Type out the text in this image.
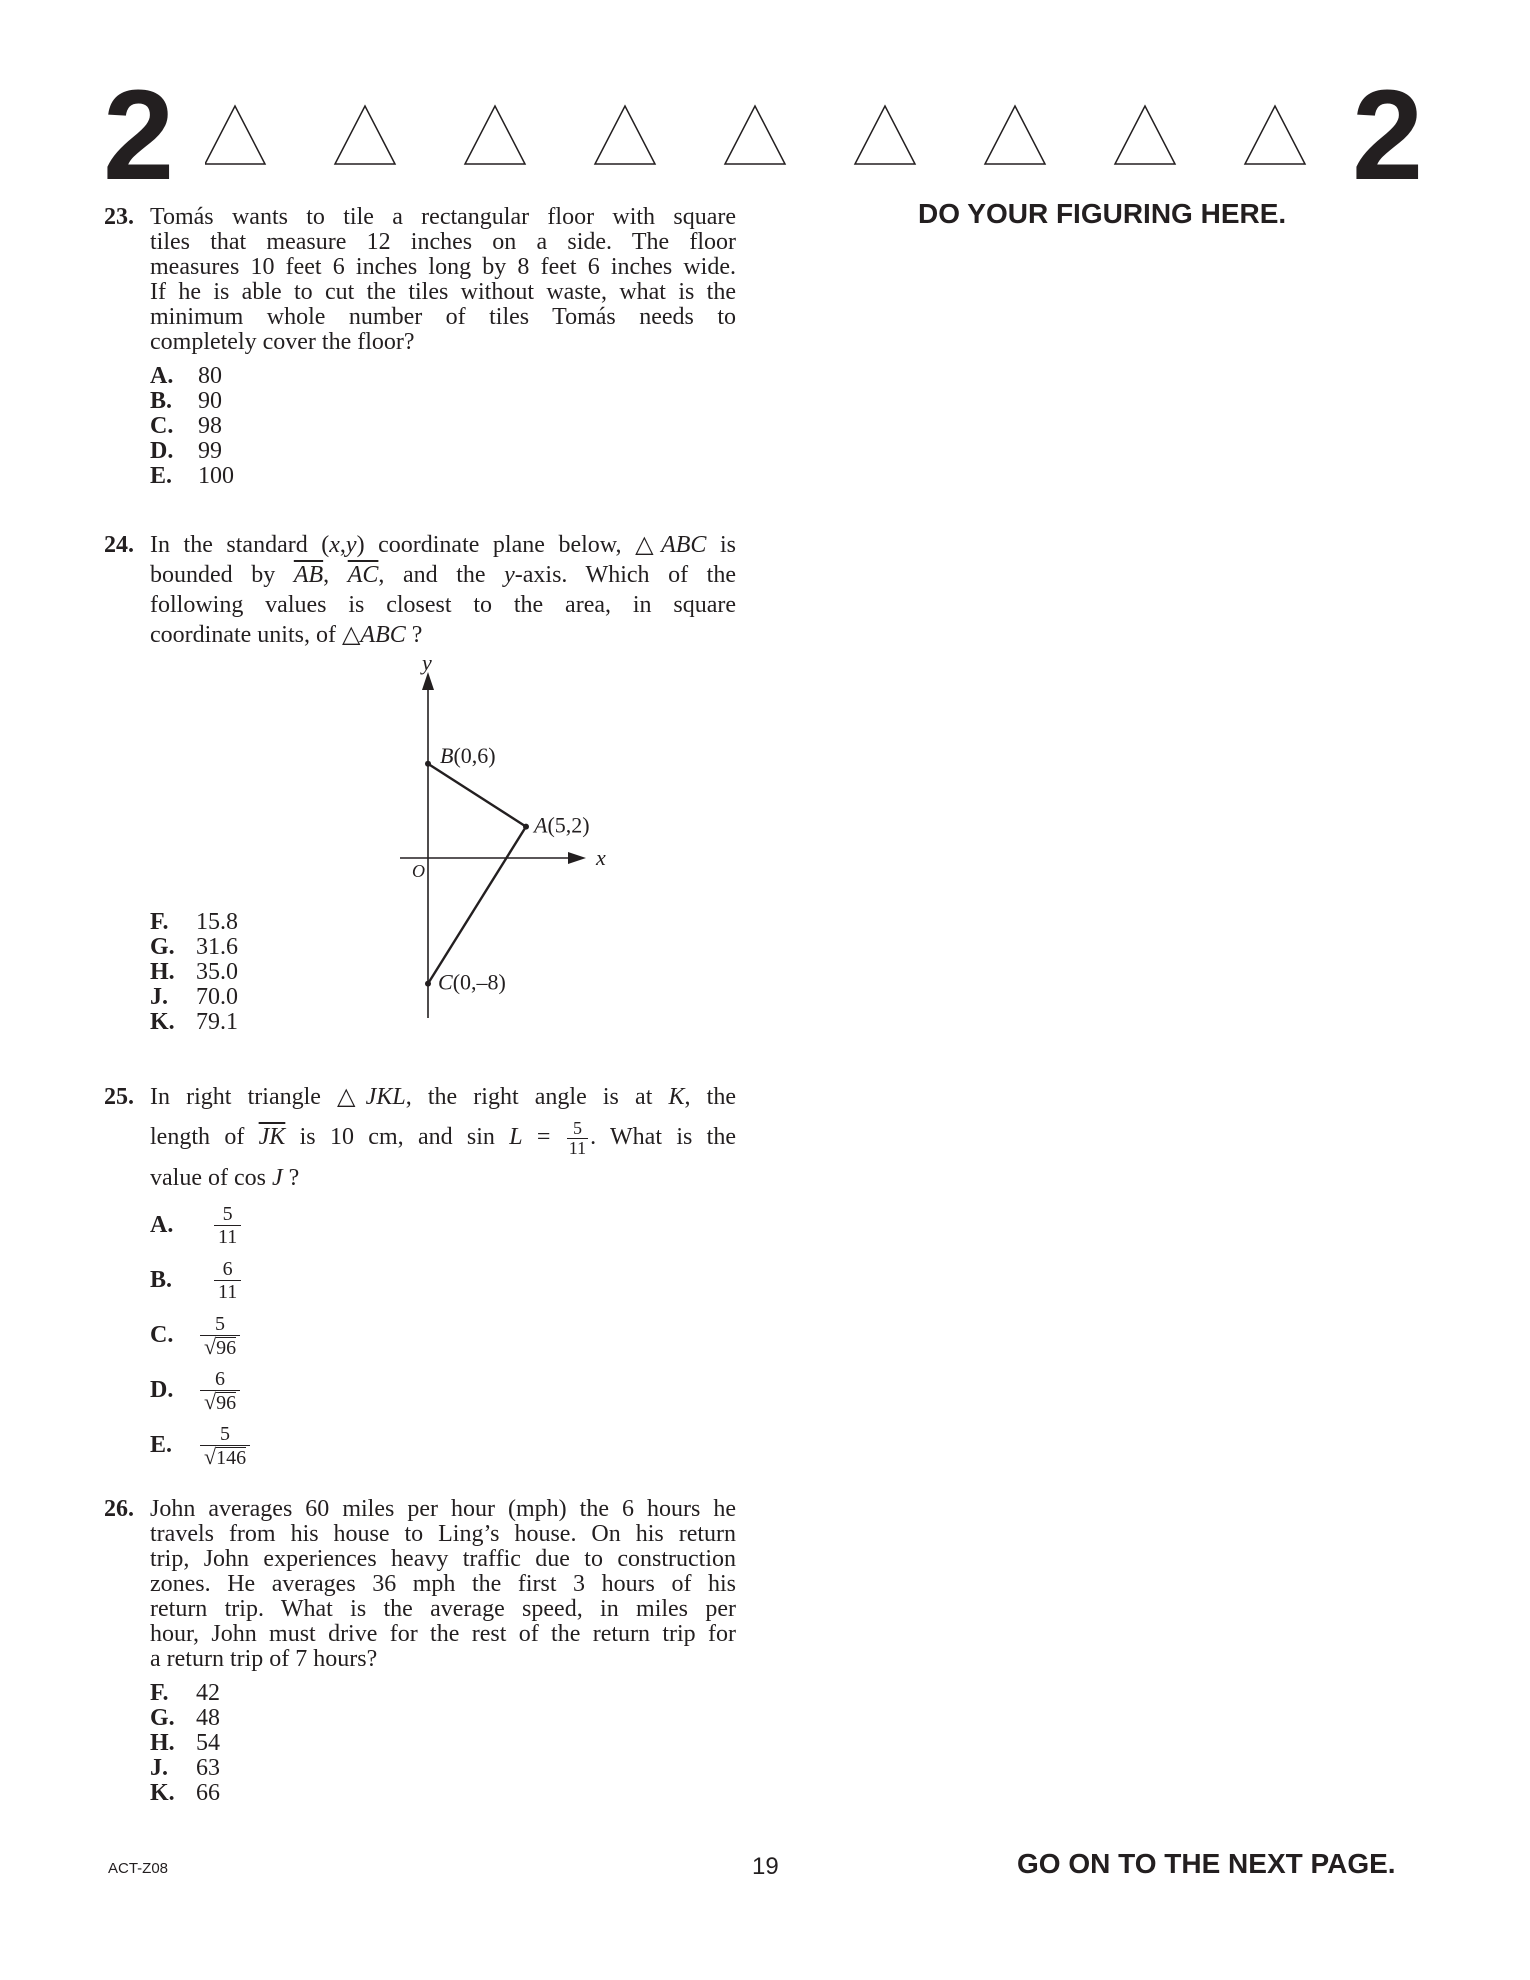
2	2
DO YOUR FIGURING HERE.
23. Tomás wants to tile a rectangular floor with square
tiles that measure 12 inches on a side. The floor
measures 10 feet 6 inches long by 8 feet 6 inches wide.
If he is able to cut the tiles without waste, what is the
minimum whole number of tiles Tomás needs to
completely cover the floor?
A.	80
B.	90
C.	98
D.	99
E.	100
24. In the standard (x,y) coordinate plane below, △ABC is
bounded by $\overline{AB}$, $\overline{AC}$, and the y-axis. Which of the
following values is closest to the area, in square
coordinate units, of △ABC ?
y
x
O
B(0,6)
A(5,2)
C(0,–8)
F.	15.8
G. 31.6
H. 35.0
J.	70.0
K. 79.1
25. In right triangle △JKL, the right angle is at K, the
length of $\overline{JK}$ is 10 cm, and $\sin L = \frac{5}{11}$ . What is the
value of cos J ?
A.	$\frac{5}{11}$
B.	$\frac{6}{11}$
C.	$\frac{5}{√ 96}$
D.	$\frac{6}{√ 96}$
E.	$\frac{5}{√ 146}$
26. John averages 60 miles per hour (mph) the 6 hours he
travels from his house to Ling’s house. On his return
trip, John experiences heavy traffic due to construction
zones. He averages 36 mph the first 3 hours of his
return trip. What is the average speed, in miles per
hour, John must drive for the rest of the return trip for
a return trip of 7 hours?
F.	42
G. 48
H. 54
J.	63
K. 66
ACT-Z08	19	GO ON TO THE NEXT PAGE.
